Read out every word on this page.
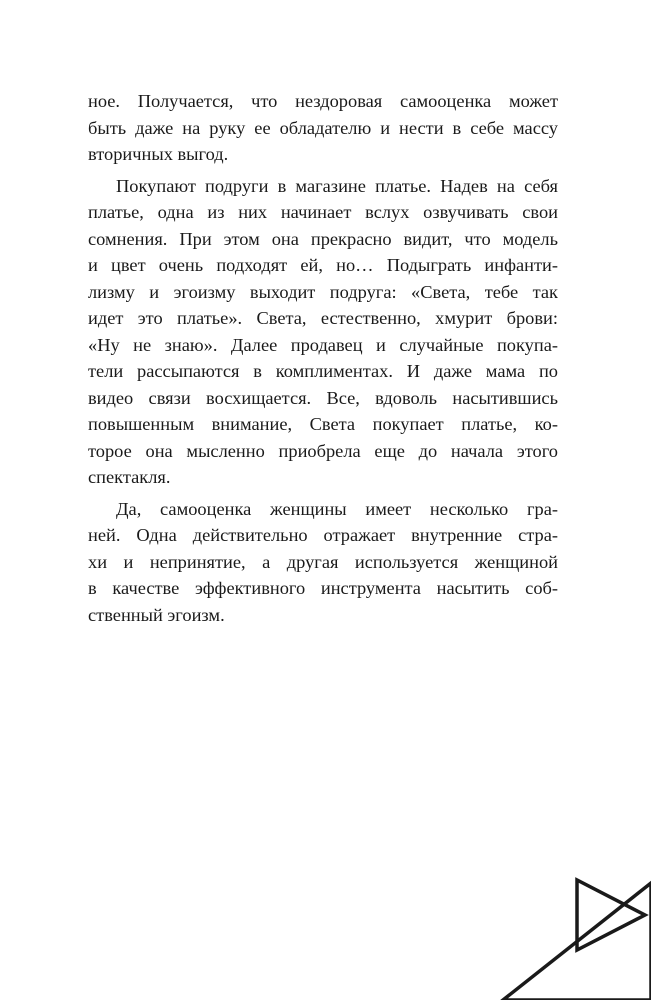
ное. Получается, что нездоровая самооценка может
быть даже на руку ее обладателю и нести в себе массу
вторичных выгод.
Покупают подруги в магазине платье. Надев на себя
платье, одна из них начинает вслух озвучивать свои
сомнения. При этом она прекрасно видит, что модель
и цвет очень подходят ей, но… Подыграть инфанти-
лизму и эгоизму выходит подруга: «Света, тебе так
идет это платье». Света, естественно, хмурит брови:
«Ну не знаю». Далее продавец и случайные покупа-
тели рассыпаются в комплиментах. И даже мама по
видео связи восхищается. Все, вдоволь насытившись
повышенным внимание, Света покупает платье, ко-
торое она мысленно приобрела еще до начала этого
спектакля.
Да, самооценка женщины имеет несколько гра-
ней. Одна действительно отражает внутренние стра-
хи и непринятие, а другая используется женщиной
в качестве эффективного инструмента насытить соб-
ственный эгоизм.
